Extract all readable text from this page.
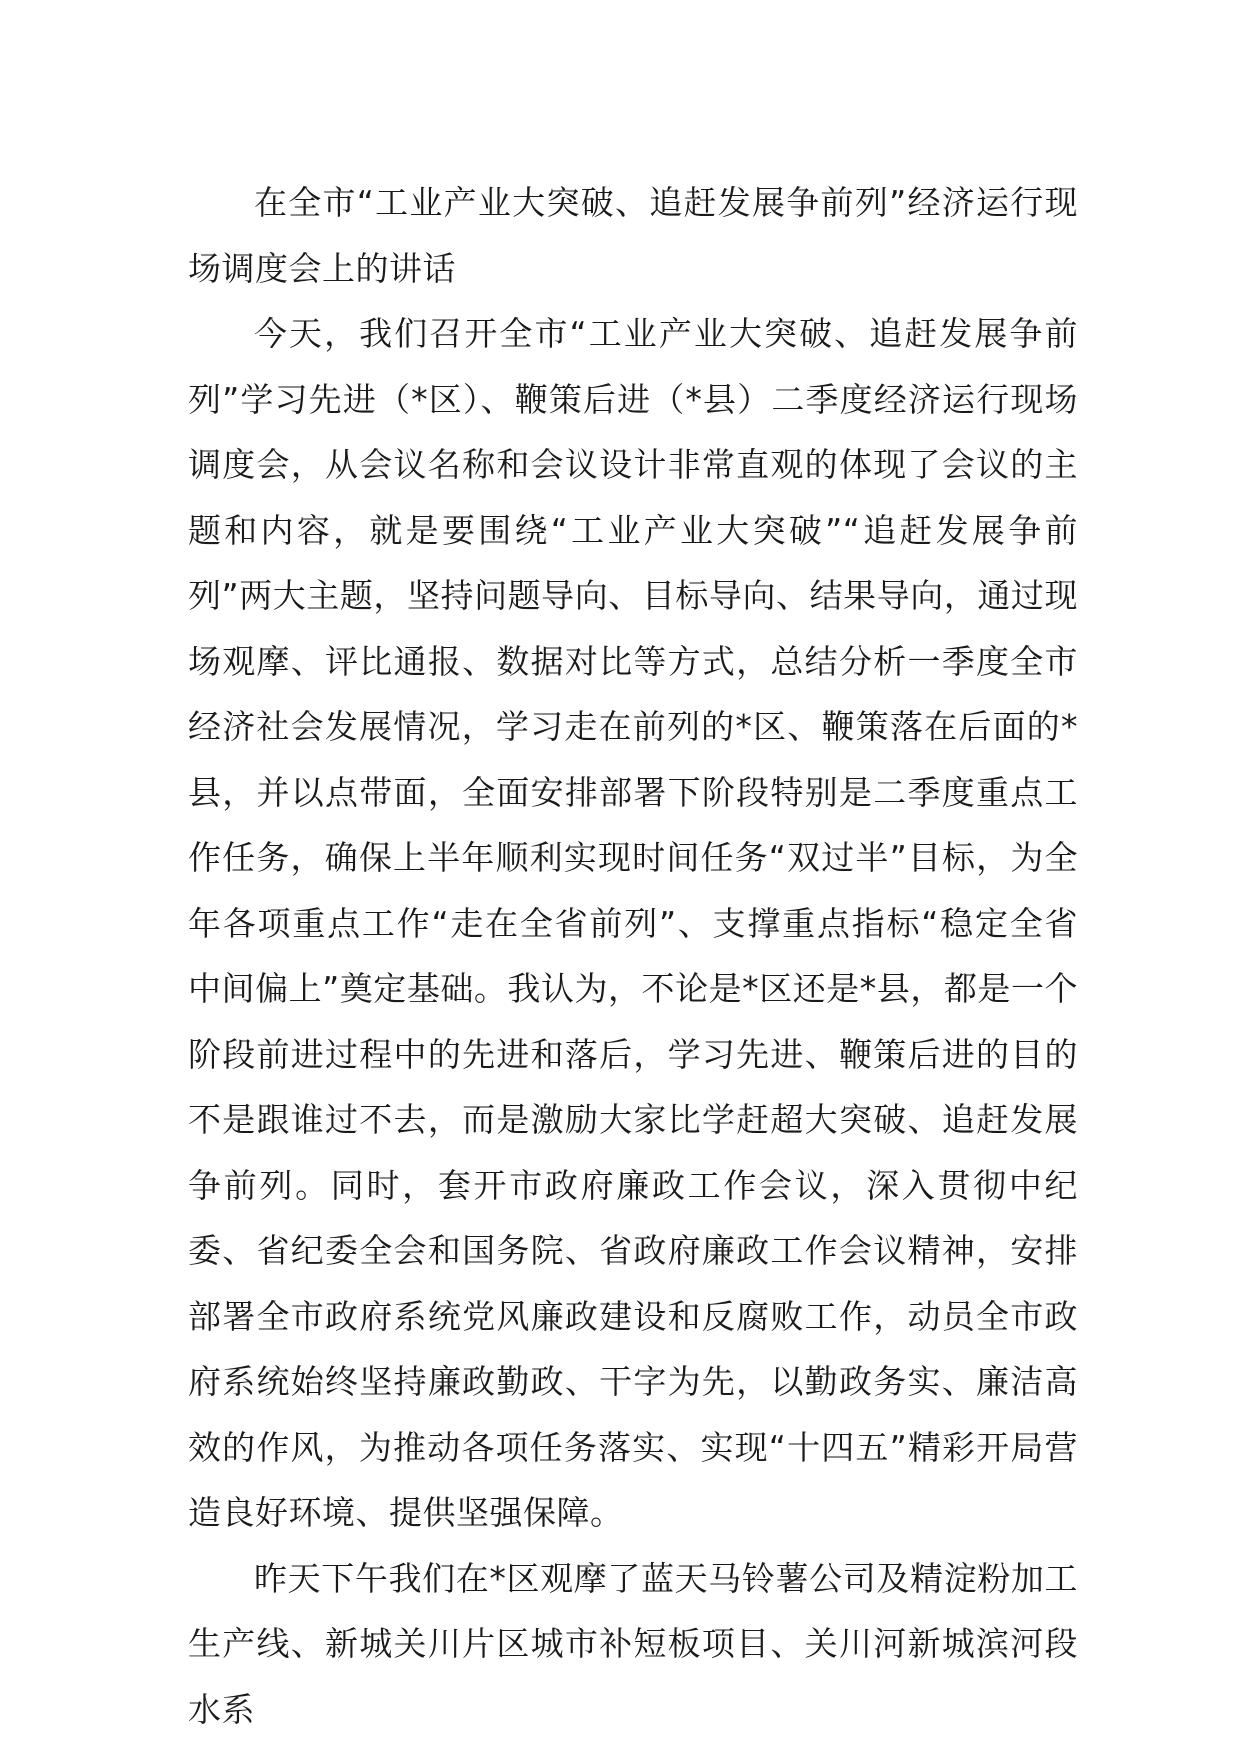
在全市“工业产业大突破、追赶发展争前列”经济运行现场调度会上的讲话

今天，我们召开全市“工业产业大突破、追赶发展争前列”学习先进（*区）、鞭策后进（*县）二季度经济运行现场调度会，从会议名称和会议设计非常直观的体现了会议的主题和内容，就是要围绕“工业产业大突破”“追赶发展争前列”两大主题，坚持问题导向、目标导向、结果导向，通过现场观摩、评比通报、数据对比等方式，总结分析一季度全市经济社会发展情况，学习走在前列的*区、鞭策落在后面的*县，并以点带面，全面安排部署下阶段特别是二季度重点工作任务，确保上半年顺利实现时间任务“双过半”目标，为全年各项重点工作“走在全省前列”、支撑重点指标“稳定全省中间偏上”奠定基础。我认为，不论是*区还是*县，都是一个阶段前进过程中的先进和落后，学习先进、鞭策后进的目的不是跟谁过不去，而是激励大家比学赶超大突破、追赶发展争前列。同时，套开市政府廉政工作会议，深入贯彻中纪委、省纪委全会和国务院、省政府廉政工作会议精神，安排部署全市政府系统党风廉政建设和反腐败工作，动员全市政府系统始终坚持廉政勤政、干字为先，以勤政务实、廉洁高效的作风，为推动各项任务落实、实现“十四五”精彩开局营造良好环境、提供坚强保障。

昨天下午我们在*区观摩了蓝天马铃薯公司及精淀粉加工生产线、新城关川片区城市补短板项目、关川河新城滨河段水系
